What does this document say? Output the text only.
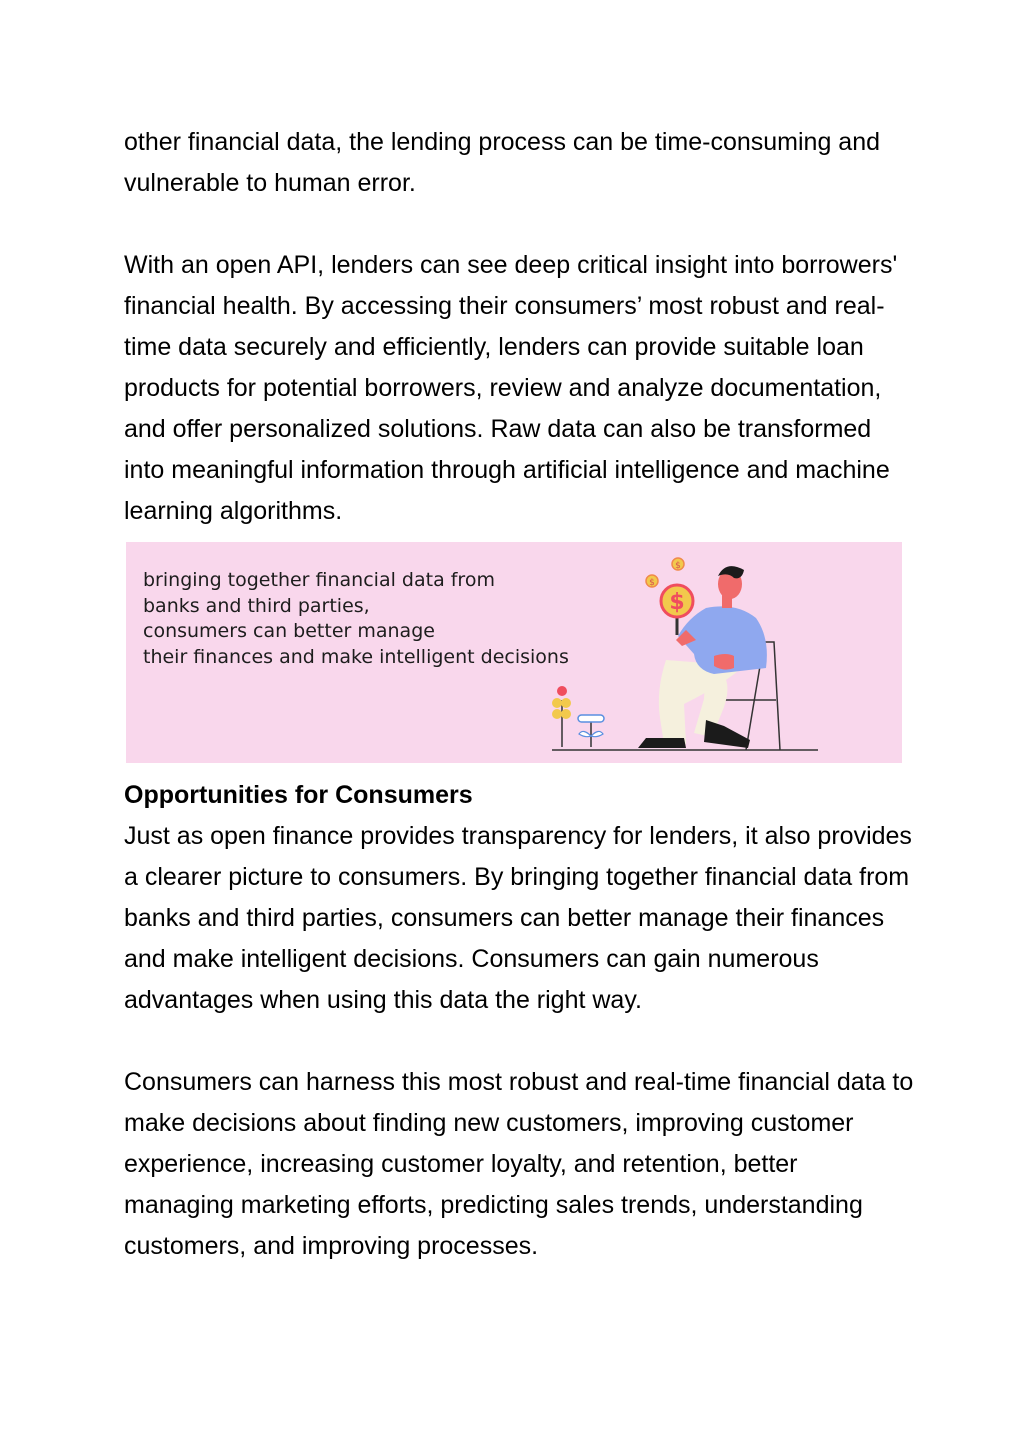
other financial data, the lending process can be time-consuming and vulnerable to human error.

With an open API, lenders can see deep critical insight into borrowers' financial health. By accessing their consumers’ most robust and real-time data securely and efficiently, lenders can provide suitable loan products for potential borrowers, review and analyze documentation, and offer personalized solutions. Raw data can also be transformed into meaningful information through artificial intelligence and machine learning algorithms.

bringing together financial data from
banks and third parties,
consumers can better manage
their finances and make intelligent decisions
$
$
$
Opportunities for Consumers

Just as open finance provides transparency for lenders, it also provides a clearer picture to consumers. By bringing together financial data from banks and third parties, consumers can better manage their finances and make intelligent decisions. Consumers can gain numerous advantages when using this data the right way.

Consumers can harness this most robust and real-time financial data to make decisions about finding new customers, improving customer experience, increasing customer loyalty, and retention, better managing marketing efforts, predicting sales trends, understanding customers, and improving processes.
